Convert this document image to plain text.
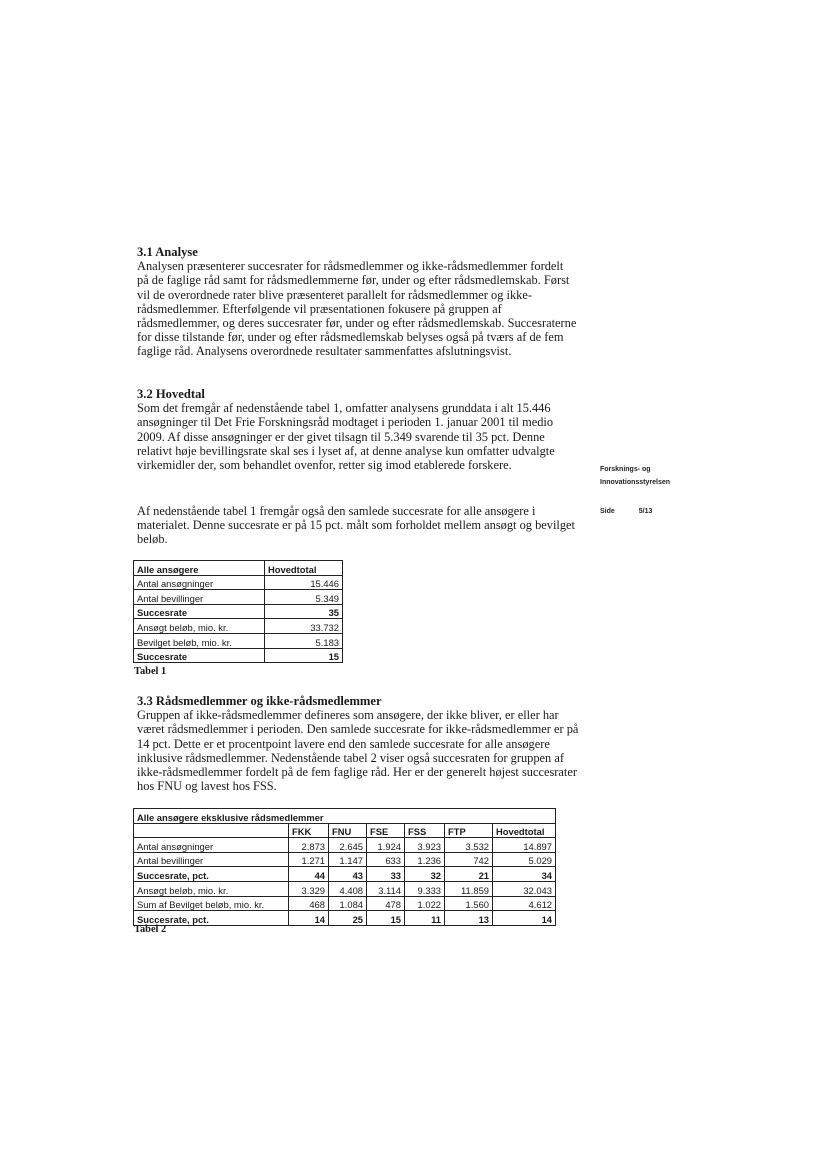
3.1 Analyse

Analysen præsenterer succesrater for rådsmedlemmer og ikke-rådsmedlemmer fordelt på de faglige råd samt for rådsmedlemmerne før, under og efter rådsmedlemskab. Først vil de overordnede rater blive præsenteret parallelt for rådsmedlemmer og ikke-rådsmedlemmer. Efterfølgende vil præsentationen fokusere på gruppen af rådsmedlemmer, og deres succesrater før, under og efter rådsmedlemskab. Succesraterne for disse tilstande før, under og efter rådsmedlemskab belyses også på tværs af de fem faglige råd. Analysens overordnede resultater sammenfattes afslutningsvist.

3.2 Hovedtal

Som det fremgår af nedenstående tabel 1, omfatter analysens grunddata i alt 15.446 ansøgninger til Det Frie Forskningsråd modtaget i perioden 1. januar 2001 til medio 2009. Af disse ansøgninger er der givet tilsagn til 5.349 svarende til 35 pct. Denne relativt høje bevillingsrate skal ses i lyset af, at denne analyse kun omfatter udvalgte virkemidler der, som behandlet ovenfor, retter sig imod etablerede forskere.

Af nedenstående tabel 1 fremgår også den samlede succesrate for alle ansøgere i materialet. Denne succesrate er på 15 pct. målt som forholdet mellem ansøgt og bevilget beløb.

Forsknings- og
Innovationsstyrelsen
Side	5/13
Alle ansøgere	Hovedtotal
Antal ansøgninger	15.446
Antal bevillinger	5.349
Succesrate	35
Ansøgt beløb, mio. kr.	33.732
Bevilget beløb, mio. kr.	5.183
Succesrate	15
Tabel 1
3.3 Rådsmedlemmer og ikke-rådsmedlemmer

Gruppen af ikke-rådsmedlemmer defineres som ansøgere, der ikke bliver, er eller har været rådsmedlemmer i perioden. Den samlede succesrate for ikke-rådsmedlemmer er på 14 pct. Dette er et procentpoint lavere end den samlede succesrate for alle ansøgere inklusive rådsmedlemmer. Nedenstående tabel 2 viser også succesraten for gruppen af ikke-rådsmedlemmer fordelt på de fem faglige råd. Her er der generelt højest succesrater hos FNU og lavest hos FSS.

Alle ansøgere eksklusive rådsmedlemmer						
	FKK	FNU	FSE	FSS	FTP	Hovedtotal
Antal ansøgninger	2.873	2.645	1.924	3.923	3.532	14.897
Antal bevillinger	1.271	1.147	633	1.236	742	5.029
Succesrate, pct.	44	43	33	32	21	34
Ansøgt beløb, mio. kr.	3.329	4.408	3.114	9.333	11.859	32.043
Sum af Bevilget beløb, mio. kr.	468	1.084	478	1.022	1.560	4.612
Succesrate, pct.	14	25	15	11	13	14
Tabel 2
